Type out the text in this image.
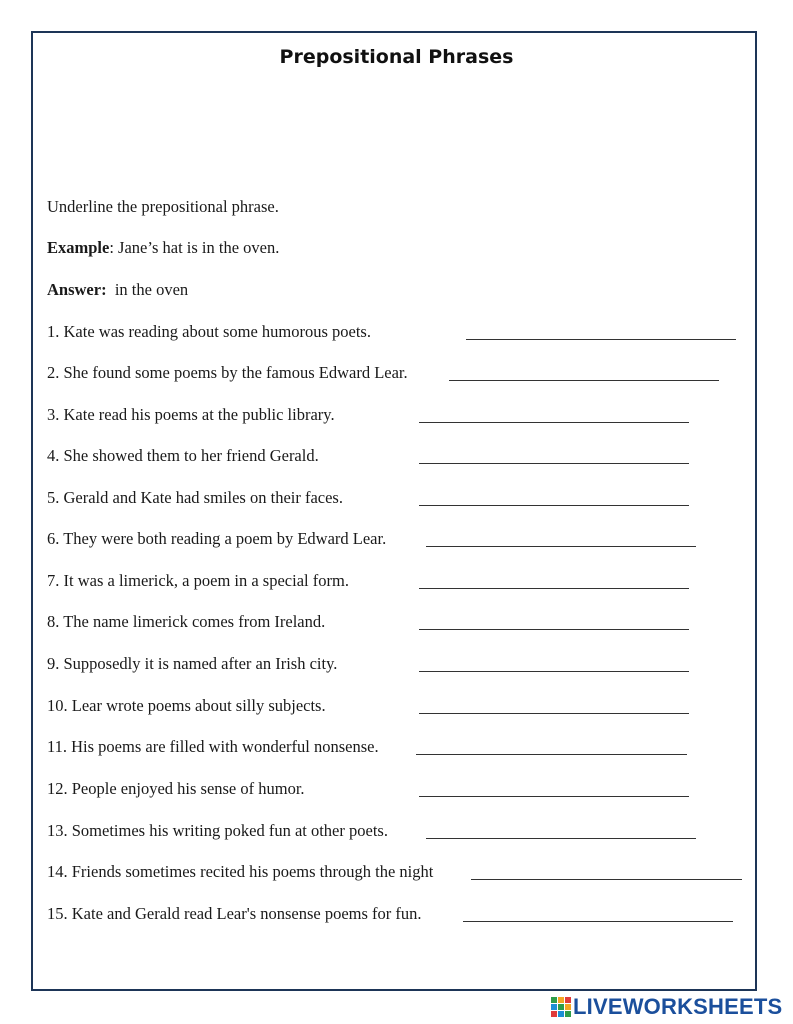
Prepositional Phrases
Underline the prepositional phrase.
Example: Jane’s hat is in the oven.
Answer: in the oven
1. Kate was reading about some humorous poets.
2. She found some poems by the famous Edward Lear.
3. Kate read his poems at the public library.
4. She showed them to her friend Gerald.
5. Gerald and Kate had smiles on their faces.
6. They were both reading a poem by Edward Lear.
7. It was a limerick, a poem in a special form.
8. The name limerick comes from Ireland.
9. Supposedly it is named after an Irish city.
10. Lear wrote poems about silly subjects.
11. His poems are filled with wonderful nonsense.
12. People enjoyed his sense of humor.
13. Sometimes his writing poked fun at other poets.
14. Friends sometimes recited his poems through the night
15. Kate and Gerald read Lear's nonsense poems for fun.
LIVEWORKSHEETS
